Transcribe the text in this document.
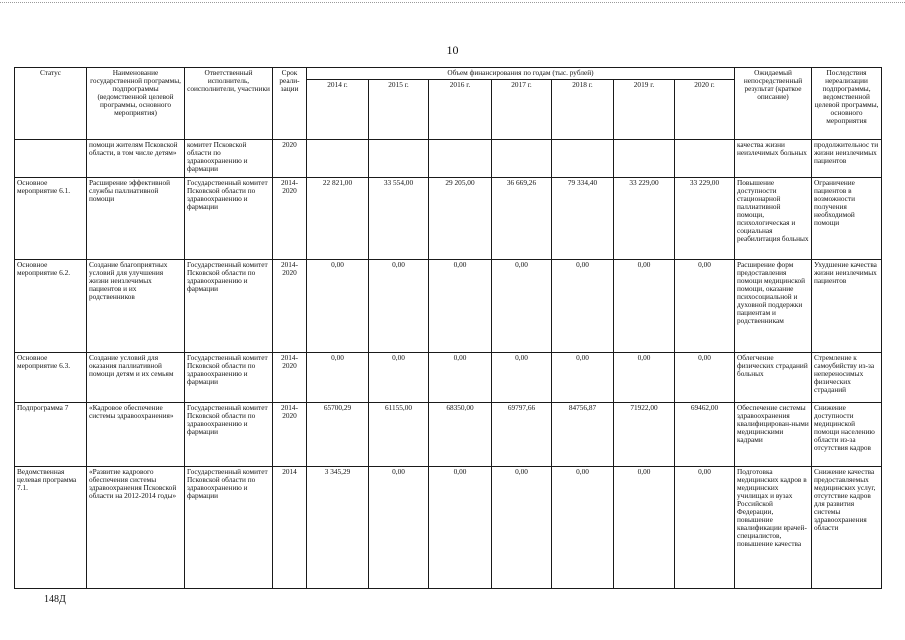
10
Статус	Наименование государственной программы, подпрограммы (ведомственной целевой программы, основного мероприятия)	Ответственный исполнитель, соисполнители, участники	Срок реали-зации	Объем финансирования по годам (тыс. рублей)							Ожидаемый непосредственный результат (краткое описание)	Последствия нереализации подпрограммы, ведомственной целевой программы, основного мероприятия
				2014 г.	2015 г.	2016 г.	2017 г.	2018 г.	2019 г.	2020 г.		
	помощи жителям Псковской области, в том числе детям»	комитет Псковской области по здравоохранению и фармации	2020								качества жизни неизлечимых больных	продолжительнос ти жизни неизлечимых пациентов
Основное мероприятие 6.1.	Расширение эффективной службы паллиативной помощи	Государственный комитет Псковской области по здравоохранению и фармации	2014-2020	22 821,00	33 554,00	29 205,00	36 669,26	79 334,40	33 229,00	33 229,00	Повышение доступности стационарной паллиативной помощи, психологическая и социальная реабилитация больных	Ограничение пациентов в возможности получения необходимой помощи
Основное мероприятие 6.2.	Создание благоприятных условий для улучшения жизни неизлечимых пациентов и их родственников	Государственный комитет Псковской области по здравоохранению и фармации	2014-2020	0,00	0,00	0,00	0,00	0,00	0,00	0,00	Расширение форм предоставления помощи медицинской помощи, оказание психосоциальной и духовной поддержки пациентам и родственникам	Ухудшение качества жизни неизлечимых пациентов
Основное мероприятие 6.3.	Создание условий для оказания паллиативной помощи детям и их семьям	Государственный комитет Псковской области по здравоохранению и фармации	2014-2020	0,00	0,00	0,00	0,00	0,00	0,00	0,00	Облегчение физических страданий больных	Стремление к самоубийству из-за непереносимых физических страданий
Подпрограмма 7	«Кадровое обеспечение системы здравоохранения»	Государственный комитет Псковской области по здравоохранению и фармации	2014-2020	65700,29	61155,00	68350,00	69797,66	84756,87	71922,00	69462,00	Обеспечение системы здравоохранения квалифицирован-ными медицинскими кадрами	Снижение доступности медицинской помощи населению области из-за отсутствия кадров
Ведомственная целевая программа 7.1.	«Развитие кадрового обеспечения системы здравоохранения Псковской области на 2012-2014 годы»	Государственный комитет Псковской области по здравоохранению и фармации	2014	3 345,29	0,00	0,00	0,00	0,00	0,00	0,00	Подготовка медицинских кадров в медицинских училищах и вузах Российской Федерации, повышение квалификации врачей-специалистов, повышение качества	Снижение качества предоставляемых медицинских услуг, отсутствие кадров для развития системы здравоохранения области
148Д
